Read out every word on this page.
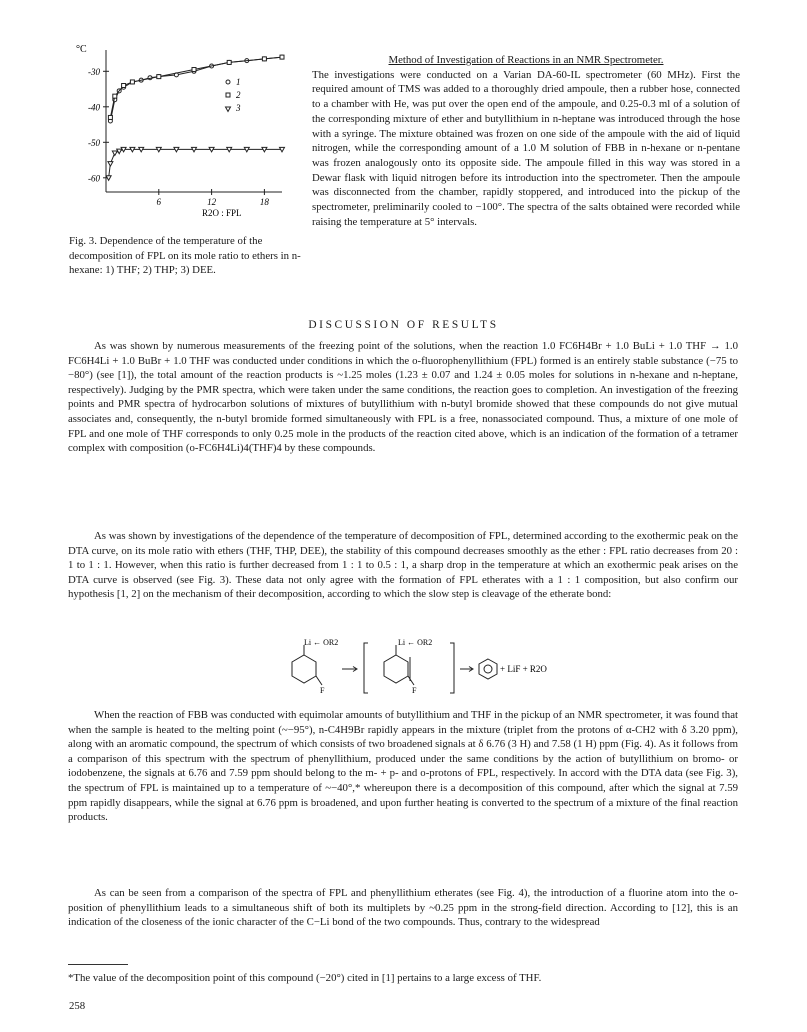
°C
-30
-40
-50
-60
6	12	18
R2O : FPL
1
2
3

Fig. 3. Dependence of the temperature of the decomposition of FPL on its mole ratio to ethers in n-hexane: 1) THF; 2) THP; 3) DEE.

Method of Investigation of Reactions in an NMR Spectrometer.

The investigations were conducted on a Varian DA-60-IL spectrometer (60 MHz). First the required amount of TMS was added to a thoroughly dried ampoule, then a rubber hose, connected to a chamber with He, was put over the open end of the ampoule, and 0.25-0.3 ml of a solution of the corresponding mixture of ether and butyllithium in n-heptane was introduced through the hose with a syringe. The mixture obtained was frozen on one side of the ampoule with the aid of liquid nitrogen, while the corresponding amount of a 1.0 M solution of FBB in n-hexane or n-pentane was frozen analogously onto its opposite side. The ampoule filled in this way was stored in a Dewar flask with liquid nitrogen before its introduction into the spectrometer. Then the ampoule was disconnected from the chamber, rapidly stoppered, and introduced into the pickup of the spectrometer, preliminarily cooled to −100°. The spectra of the salts obtained were recorded while raising the temperature at 5° intervals.

DISCUSSION OF RESULTS

As was shown by numerous measurements of the freezing point of the solutions, when the reaction 1.0 FC6H4Br + 1.0 BuLi + 1.0 THF → 1.0 FC6H4Li + 1.0 BuBr + 1.0 THF was conducted under conditions in which the o-fluorophenyllithium (FPL) formed is an entirely stable substance (−75 to −80°) (see [1]), the total amount of the reaction products is ~1.25 moles (1.23 ± 0.07 and 1.24 ± 0.05 moles for solutions in n-hexane and n-heptane, respectively). Judging by the PMR spectra, which were taken under the same conditions, the reaction goes to completion. An investigation of the freezing points and PMR spectra of hydrocarbon solutions of mixtures of butyllithium with n-butyl bromide showed that these compounds do not give mutual associates and, consequently, the n-butyl bromide formed simultaneously with FPL is a free, nonassociated compound. Thus, a mixture of one mole of FPL and one mole of THF corresponds to only 0.25 mole in the products of the reaction cited above, which is an indication of the formation of a tetramer complex with composition (o-FC6H4Li)4(THF)4 by these compounds.

As was shown by investigations of the dependence of the temperature of decomposition of FPL, determined according to the exothermic peak on the DTA curve, on its mole ratio with ethers (THF, THP, DEE), the stability of this compound decreases smoothly as the ether : FPL ratio decreases from 20 : 1 to 1 : 1. However, when this ratio is further decreased from 1 : 1 to 0.5 : 1, a sharp drop in the temperature at which an exothermic peak arises on the DTA curve is observed (see Fig. 3). These data not only agree with the formation of FPL etherates with a 1 : 1 composition, but also confirm our hypothesis [1, 2] on the mechanism of their decomposition, according to which the slow step is cleavage of the etherate bond:

Li ← OR2
F
Li ← OR2
F
+ LiF + R2O

When the reaction of FBB was conducted with equimolar amounts of butyllithium and THF in the pickup of an NMR spectrometer, it was found that when the sample is heated to the melting point (~−95°), n-C4H9Br rapidly appears in the mixture (triplet from the protons of α-CH2 with δ 3.20 ppm), along with an aromatic compound, the spectrum of which consists of two broadened signals at δ 6.76 (3 H) and 7.58 (1 H) ppm (Fig. 4). As it follows from a comparison of this spectrum with the spectrum of phenyllithium, produced under the same conditions by the action of butyllithium on bromo- or iodobenzene, the signals at 6.76 and 7.59 ppm should belong to the m- + p- and o-protons of FPL, respectively. In accord with the DTA data (see Fig. 3), the spectrum of FPL is maintained up to a temperature of ~−40°,* whereupon there is a decomposition of this compound, after which the signal at 7.59 ppm rapidly disappears, while the signal at 6.76 ppm is broadened, and upon further heating is converted to the spectrum of a mixture of the final reaction products.

As can be seen from a comparison of the spectra of FPL and phenyllithium etherates (see Fig. 4), the introduction of a fluorine atom into the o-position of phenyllithium leads to a simultaneous shift of both its multiplets by ~0.25 ppm in the strong-field direction. According to [12], this is an indication of the closeness of the ionic character of the C−Li bond of the two compounds. Thus, contrary to the widespread

*The value of the decomposition point of this compound (−20°) cited in [1] pertains to a large excess of THF.

258
